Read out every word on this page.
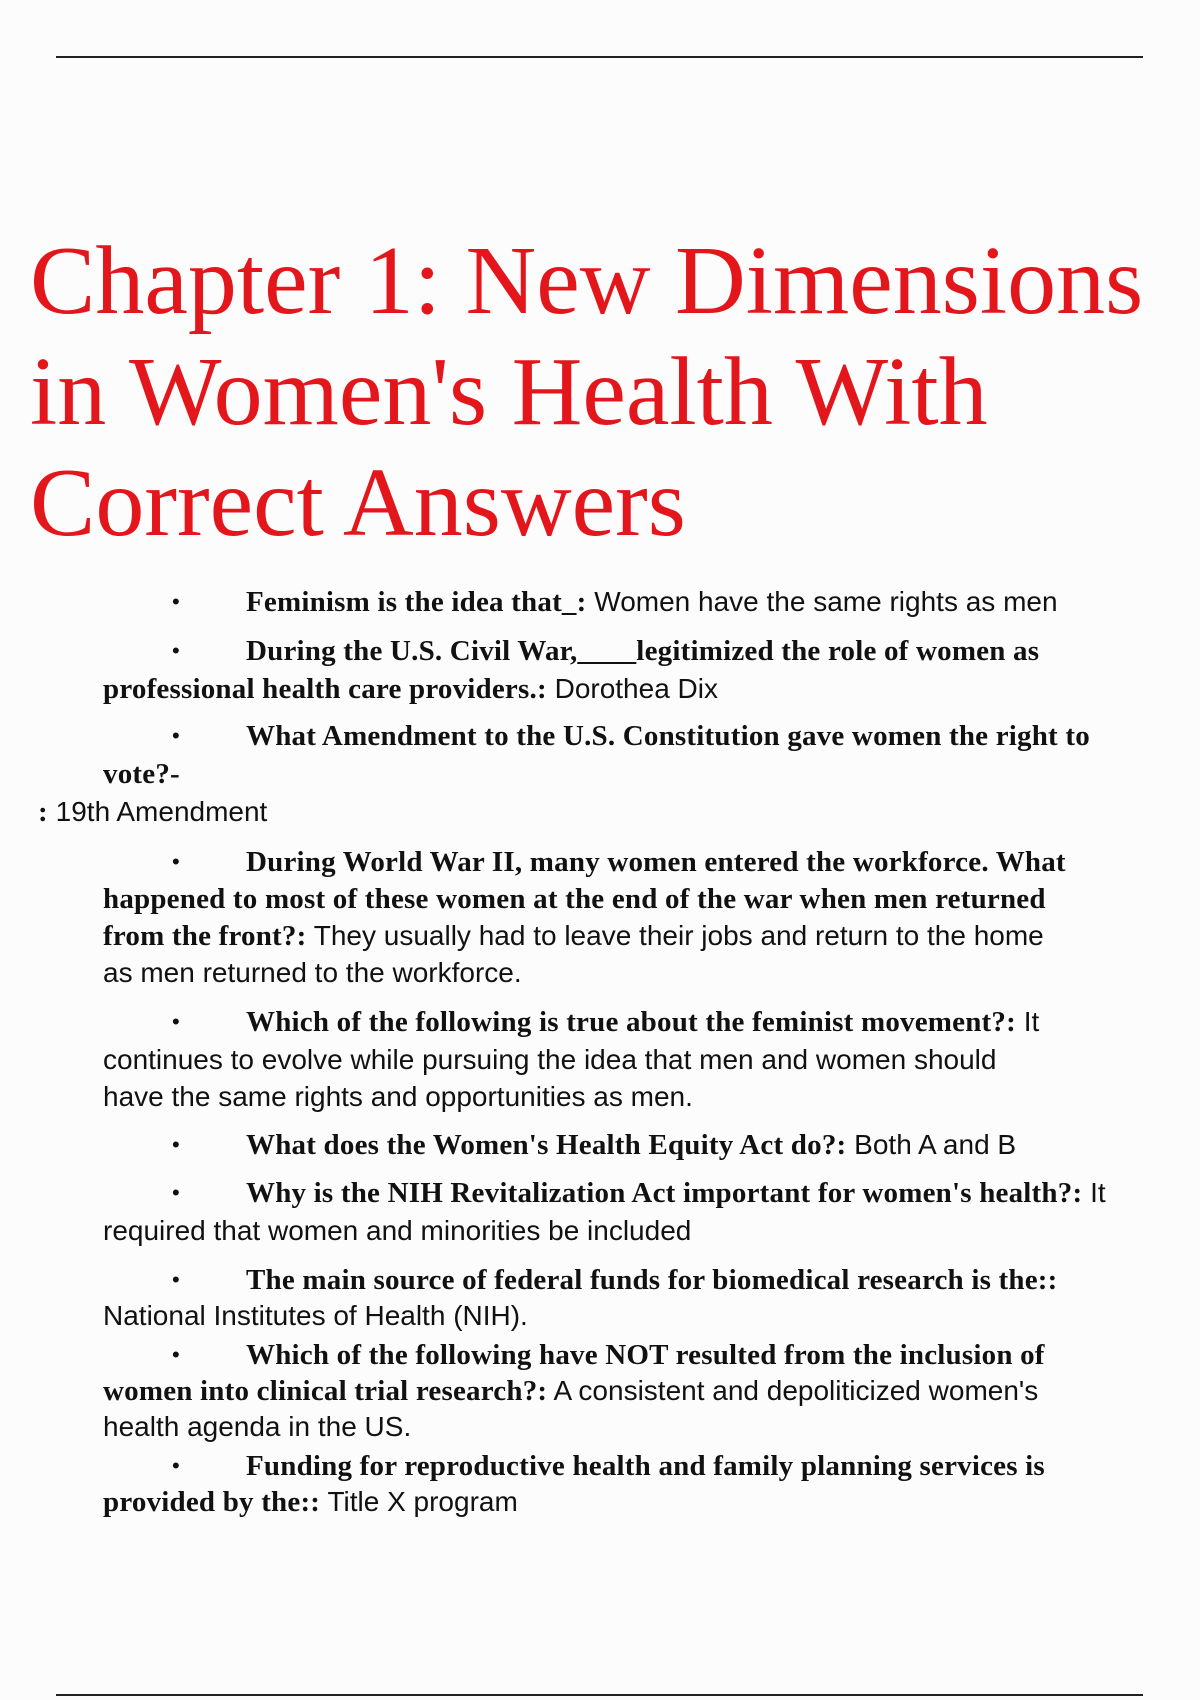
Chapter 1: New Dimensions
in Women's Health With
Correct Answers
• Feminism is the idea that_: Women have the same rights as men
• During the U.S. Civil War,____legitimized the role of women as
professional health care providers.: Dorothea Dix
• What Amendment to the U.S. Constitution gave women the right to
vote?-
: 19th Amendment
• During World War II, many women entered the workforce. What
happened to most of these women at the end of the war when men returned
from the front?: They usually had to leave their jobs and return to the home
as men returned to the workforce.
• Which of the following is true about the feminist movement?: It
continues to evolve while pursuing the idea that men and women should
have the same rights and opportunities as men.
• What does the Women's Health Equity Act do?: Both A and B
• Why is the NIH Revitalization Act important for women's health?: It
required that women and minorities be included
• The main source of federal funds for biomedical research is the::
National Institutes of Health (NIH).
• Which of the following have NOT resulted from the inclusion of
women into clinical trial research?: A consistent and depoliticized women's
health agenda in the US.
• Funding for reproductive health and family planning services is
provided by the:: Title X program
